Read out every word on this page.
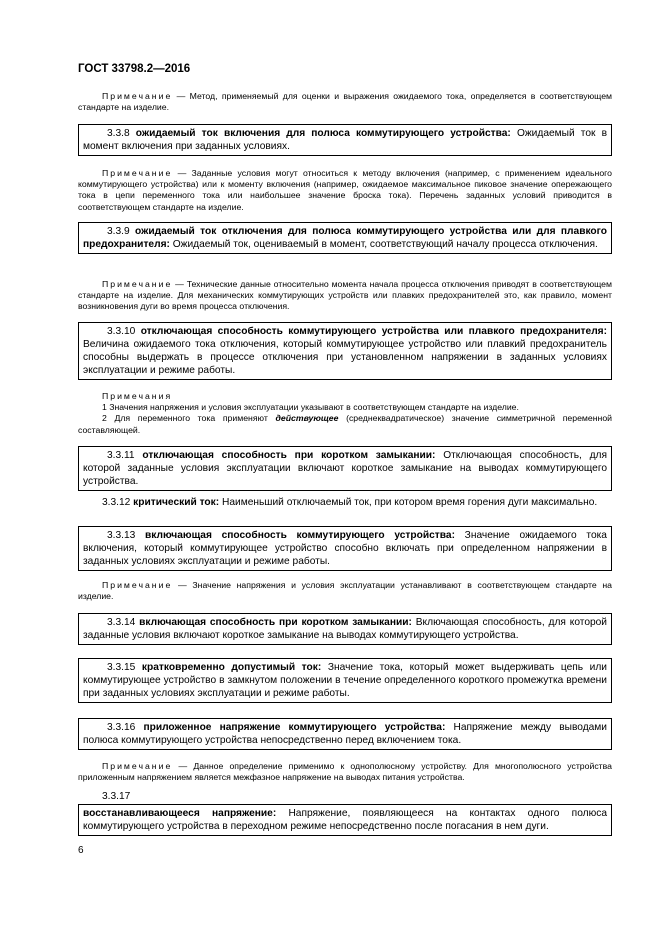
ГОСТ 33798.2—2016
Примечание — Метод, применяемый для оценки и выражения ожидаемого тока, определяется в соответствующем стандарте на изделие.
3.3.8 ожидаемый ток включения для полюса коммутирующего устройства: Ожидаемый ток в момент включения при заданных условиях.
Примечание — Заданные условия могут относиться к методу включения (например, с применением идеального коммутирующего устройства) или к моменту включения (например, ожидаемое максимальное пиковое значение опережающего тока в цепи переменного тока или наибольшее значение броска тока). Перечень заданных условий приводится в соответствующем стандарте на изделие.
3.3.9 ожидаемый ток отключения для полюса коммутирующего устройства или для плавкого предохранителя: Ожидаемый ток, оцениваемый в момент, соответствующий началу процесса отключения.
Примечание — Технические данные относительно момента начала процесса отключения приводят в соответствующем стандарте на изделие. Для механических коммутирующих устройств или плавких предохранителей это, как правило, момент возникновения дуги во время процесса отключения.
3.3.10 отключающая способность коммутирующего устройства или плавкого предохранителя: Величина ожидаемого тока отключения, который коммутирующее устройство или плавкий предохранитель способны выдержать в процессе отключения при установленном напряжении в заданных условиях эксплуатации и режиме работы.

Примечания

1 Значения напряжения и условия эксплуатации указывают в соответствующем стандарте на изделие.

2 Для переменного тока применяют действующее (среднеквадратическое) значение симметричной переменной составляющей.

3.3.11 отключающая способность при коротком замыкании: Отключающая способность, для которой заданные условия эксплуатации включают короткое замыкание на выводах коммутирующего устройства.
3.3.12 критический ток: Наименьший отключаемый ток, при котором время горения дуги максимально.
3.3.13 включающая способность коммутирующего устройства: Значение ожидаемого тока включения, который коммутирующее устройство способно включать при определенном напряжении в заданных условиях эксплуатации и режиме работы.
Примечание — Значение напряжения и условия эксплуатации устанавливают в соответствующем стандарте на изделие.
3.3.14 включающая способность при коротком замыкании: Включающая способность, для которой заданные условия включают короткое замыкание на выводах коммутирующего устройства.
3.3.15 кратковременно допустимый ток: Значение тока, который может выдерживать цепь или коммутирующее устройство в замкнутом положении в течение определенного короткого промежутка времени при заданных условиях эксплуатации и режиме работы.
3.3.16 приложенное напряжение коммутирующего устройства: Напряжение между выводами полюса коммутирующего устройства непосредственно перед включением тока.
Примечание — Данное определение применимо к однополюсному устройству. Для многополюсного устройства приложенным напряжением является межфазное напряжение на выводах питания устройства.
3.3.17
восстанавливающееся напряжение: Напряжение, появляющееся на контактах одного полюса коммутирующего устройства в переходном режиме непосредственно после погасания в нем дуги.
6
